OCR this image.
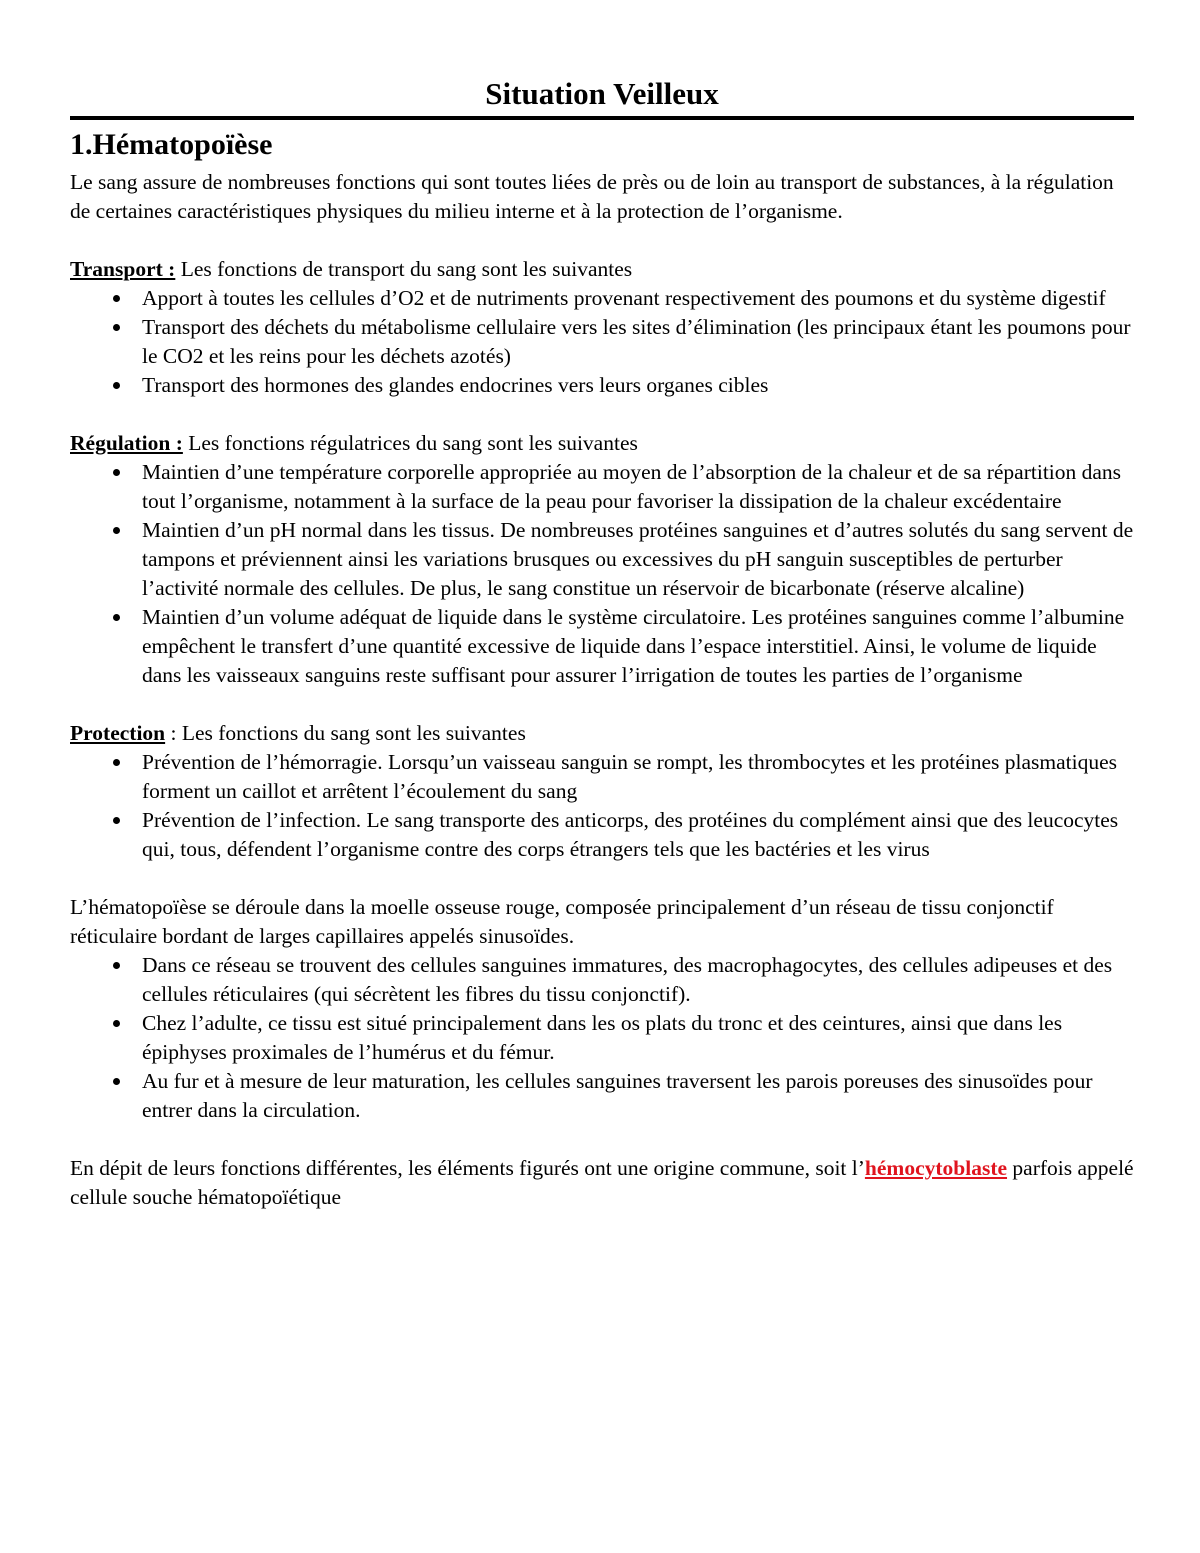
Situation Veilleux
1.Hématopoïèse

Le sang assure de nombreuses fonctions qui sont toutes liées de près ou de loin au transport de substances, à la régulation de certaines caractéristiques physiques du milieu interne et à la protection de l’organisme.

Transport : Les fonctions de transport du sang sont les suivantes

Apport à toutes les cellules d’O2 et de nutriments provenant respectivement des poumons et du système digestif
Transport des déchets du métabolisme cellulaire vers les sites d’élimination (les principaux étant les poumons pour le CO2 et les reins pour les déchets azotés)
Transport des hormones des glandes endocrines vers leurs organes cibles

Régulation : Les fonctions régulatrices du sang sont les suivantes

Maintien d’une température corporelle appropriée au moyen de l’absorption de la chaleur et de sa répartition dans tout l’organisme, notamment à la surface de la peau pour favoriser la dissipation de la chaleur excédentaire
Maintien d’un pH normal dans les tissus. De nombreuses protéines sanguines et d’autres solutés du sang servent de tampons et préviennent ainsi les variations brusques ou excessives du pH sanguin susceptibles de perturber l’activité normale des cellules. De plus, le sang constitue un réservoir de bicarbonate (réserve alcaline)
Maintien d’un volume adéquat de liquide dans le système circulatoire. Les protéines sanguines comme l’albumine empêchent le transfert d’une quantité excessive de liquide dans l’espace interstitiel. Ainsi, le volume de liquide dans les vaisseaux sanguins reste suffisant pour assurer l’irrigation de toutes les parties de l’organisme

Protection : Les fonctions du sang sont les suivantes

Prévention de l’hémorragie. Lorsqu’un vaisseau sanguin se rompt, les thrombocytes et les protéines plasmatiques forment un caillot et arrêtent l’écoulement du sang
Prévention de l’infection. Le sang transporte des anticorps, des protéines du complément ainsi que des leucocytes qui, tous, défendent l’organisme contre des corps étrangers tels que les bactéries et les virus

L’hématopoïèse se déroule dans la moelle osseuse rouge, composée principalement d’un réseau de tissu conjonctif réticulaire bordant de larges capillaires appelés sinusoïdes.

Dans ce réseau se trouvent des cellules sanguines immatures, des macrophagocytes, des cellules adipeuses et des cellules réticulaires (qui sécrètent les fibres du tissu conjonctif).
Chez l’adulte, ce tissu est situé principalement dans les os plats du tronc et des ceintures, ainsi que dans les épiphyses proximales de l’humérus et du fémur.
Au fur et à mesure de leur maturation, les cellules sanguines traversent les parois poreuses des sinusoïdes pour entrer dans la circulation.

En dépit de leurs fonctions différentes, les éléments figurés ont une origine commune, soit l’hémocytoblaste parfois appelé cellule souche hématopoïétique
